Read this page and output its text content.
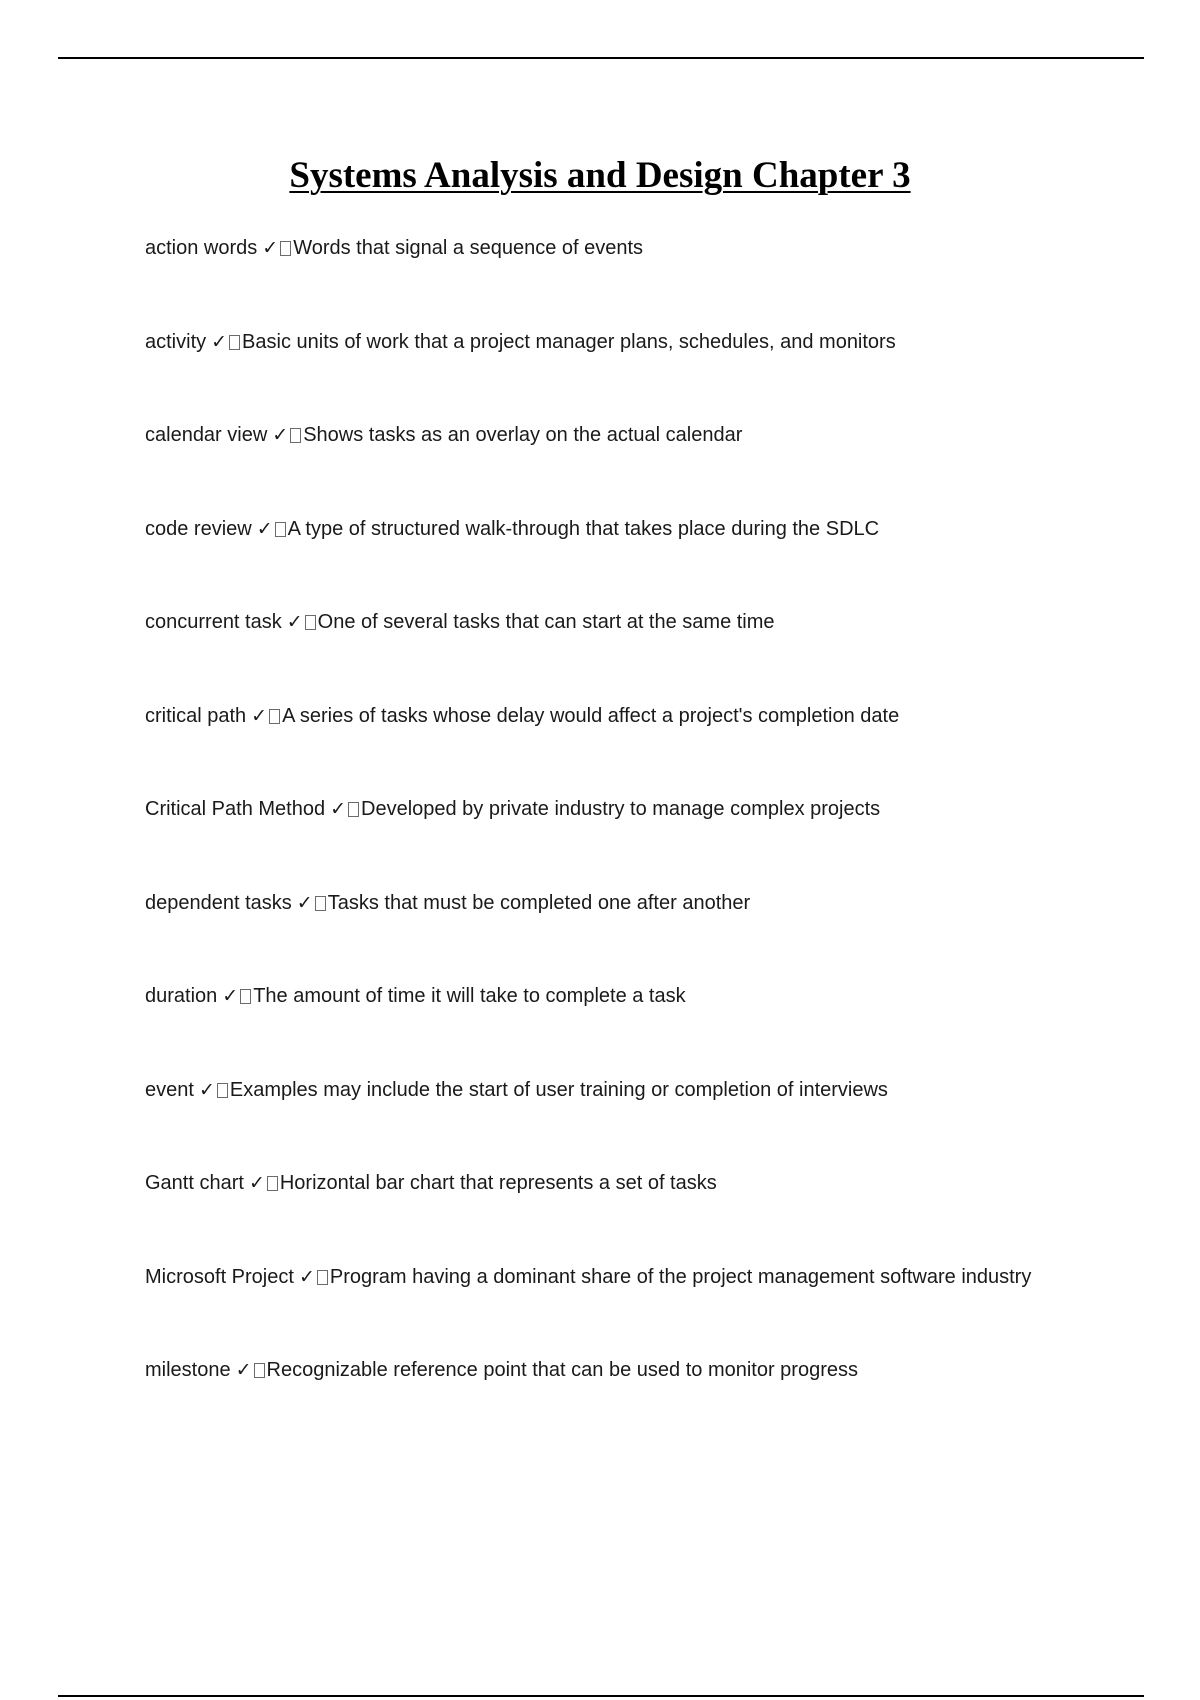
Systems Analysis and Design Chapter 3
action words ✓ Words that signal a sequence of events
activity ✓ Basic units of work that a project manager plans, schedules, and monitors
calendar view ✓ Shows tasks as an overlay on the actual calendar
code review ✓ A type of structured walk-through that takes place during the SDLC
concurrent task ✓ One of several tasks that can start at the same time
critical path ✓ A series of tasks whose delay would affect a project's completion date
Critical Path Method ✓ Developed by private industry to manage complex projects
dependent tasks ✓ Tasks that must be completed one after another
duration ✓ The amount of time it will take to complete a task
event ✓ Examples may include the start of user training or completion of interviews
Gantt chart ✓ Horizontal bar chart that represents a set of tasks
Microsoft Project ✓ Program having a dominant share of the project management software industry
milestone ✓ Recognizable reference point that can be used to monitor progress
